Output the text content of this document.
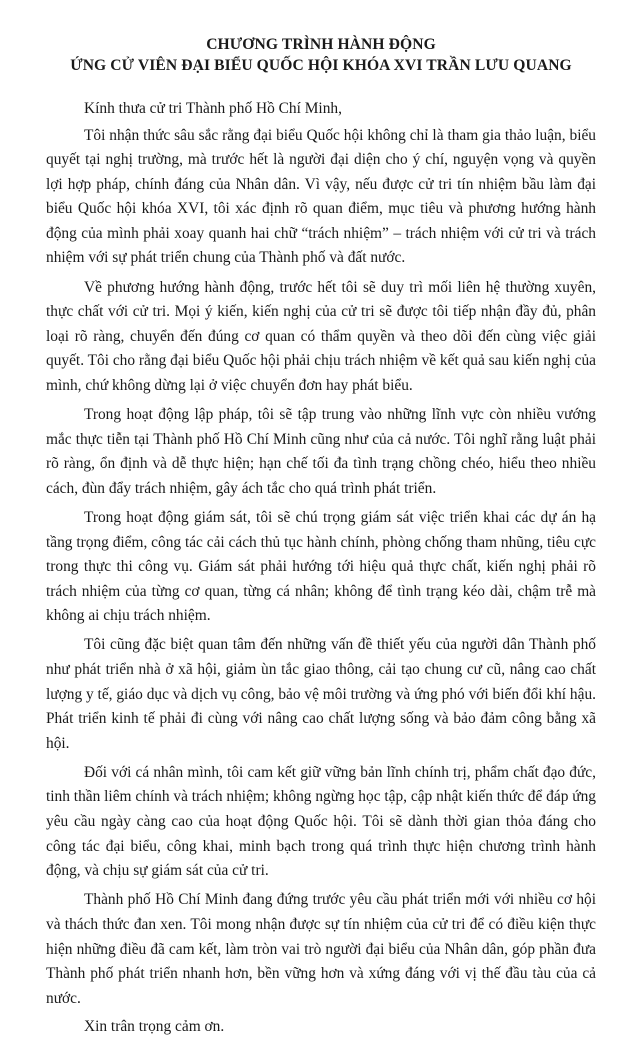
CHƯƠNG TRÌNH HÀNH ĐỘNG

ỨNG CỬ VIÊN ĐẠI BIỂU QUỐC HỘI KHÓA XVI TRẦN LƯU QUANG

Kính thưa cử tri Thành phố Hồ Chí Minh,

Tôi nhận thức sâu sắc rằng đại biểu Quốc hội không chỉ là tham gia thảo luận, biểu quyết tại nghị trường, mà trước hết là người đại diện cho ý chí, nguyện vọng và quyền lợi hợp pháp, chính đáng của Nhân dân. Vì vậy, nếu được cử tri tín nhiệm bầu làm đại biểu Quốc hội khóa XVI, tôi xác định rõ quan điểm, mục tiêu và phương hướng hành động của mình phải xoay quanh hai chữ “trách nhiệm” – trách nhiệm với cử tri và trách nhiệm với sự phát triển chung của Thành phố và đất nước.

Về phương hướng hành động, trước hết tôi sẽ duy trì mối liên hệ thường xuyên, thực chất với cử tri. Mọi ý kiến, kiến nghị của cử tri sẽ được tôi tiếp nhận đầy đủ, phân loại rõ ràng, chuyển đến đúng cơ quan có thẩm quyền và theo dõi đến cùng việc giải quyết. Tôi cho rằng đại biểu Quốc hội phải chịu trách nhiệm về kết quả sau kiến nghị của mình, chứ không dừng lại ở việc chuyển đơn hay phát biểu.

Trong hoạt động lập pháp, tôi sẽ tập trung vào những lĩnh vực còn nhiều vướng mắc thực tiễn tại Thành phố Hồ Chí Minh cũng như của cả nước. Tôi nghĩ rằng luật phải rõ ràng, ổn định và dễ thực hiện; hạn chế tối đa tình trạng chồng chéo, hiểu theo nhiều cách, đùn đẩy trách nhiệm, gây ách tắc cho quá trình phát triển.

Trong hoạt động giám sát, tôi sẽ chú trọng giám sát việc triển khai các dự án hạ tầng trọng điểm, công tác cải cách thủ tục hành chính, phòng chống tham nhũng, tiêu cực trong thực thi công vụ. Giám sát phải hướng tới hiệu quả thực chất, kiến nghị phải rõ trách nhiệm của từng cơ quan, từng cá nhân; không để tình trạng kéo dài, chậm trễ mà không ai chịu trách nhiệm.

Tôi cũng đặc biệt quan tâm đến những vấn đề thiết yếu của người dân Thành phố như phát triển nhà ở xã hội, giảm ùn tắc giao thông, cải tạo chung cư cũ, nâng cao chất lượng y tế, giáo dục và dịch vụ công, bảo vệ môi trường và ứng phó với biến đổi khí hậu. Phát triển kinh tế phải đi cùng với nâng cao chất lượng sống và bảo đảm công bằng xã hội.

Đối với cá nhân mình, tôi cam kết giữ vững bản lĩnh chính trị, phẩm chất đạo đức, tinh thần liêm chính và trách nhiệm; không ngừng học tập, cập nhật kiến thức để đáp ứng yêu cầu ngày càng cao của hoạt động Quốc hội. Tôi sẽ dành thời gian thỏa đáng cho công tác đại biểu, công khai, minh bạch trong quá trình thực hiện chương trình hành động, và chịu sự giám sát của cử tri.

Thành phố Hồ Chí Minh đang đứng trước yêu cầu phát triển mới với nhiều cơ hội và thách thức đan xen. Tôi mong nhận được sự tín nhiệm của cử tri để có điều kiện thực hiện những điều đã cam kết, làm tròn vai trò người đại biểu của Nhân dân, góp phần đưa Thành phố phát triển nhanh hơn, bền vững hơn và xứng đáng với vị thế đầu tàu của cả nước.

Xin trân trọng cảm ơn.
